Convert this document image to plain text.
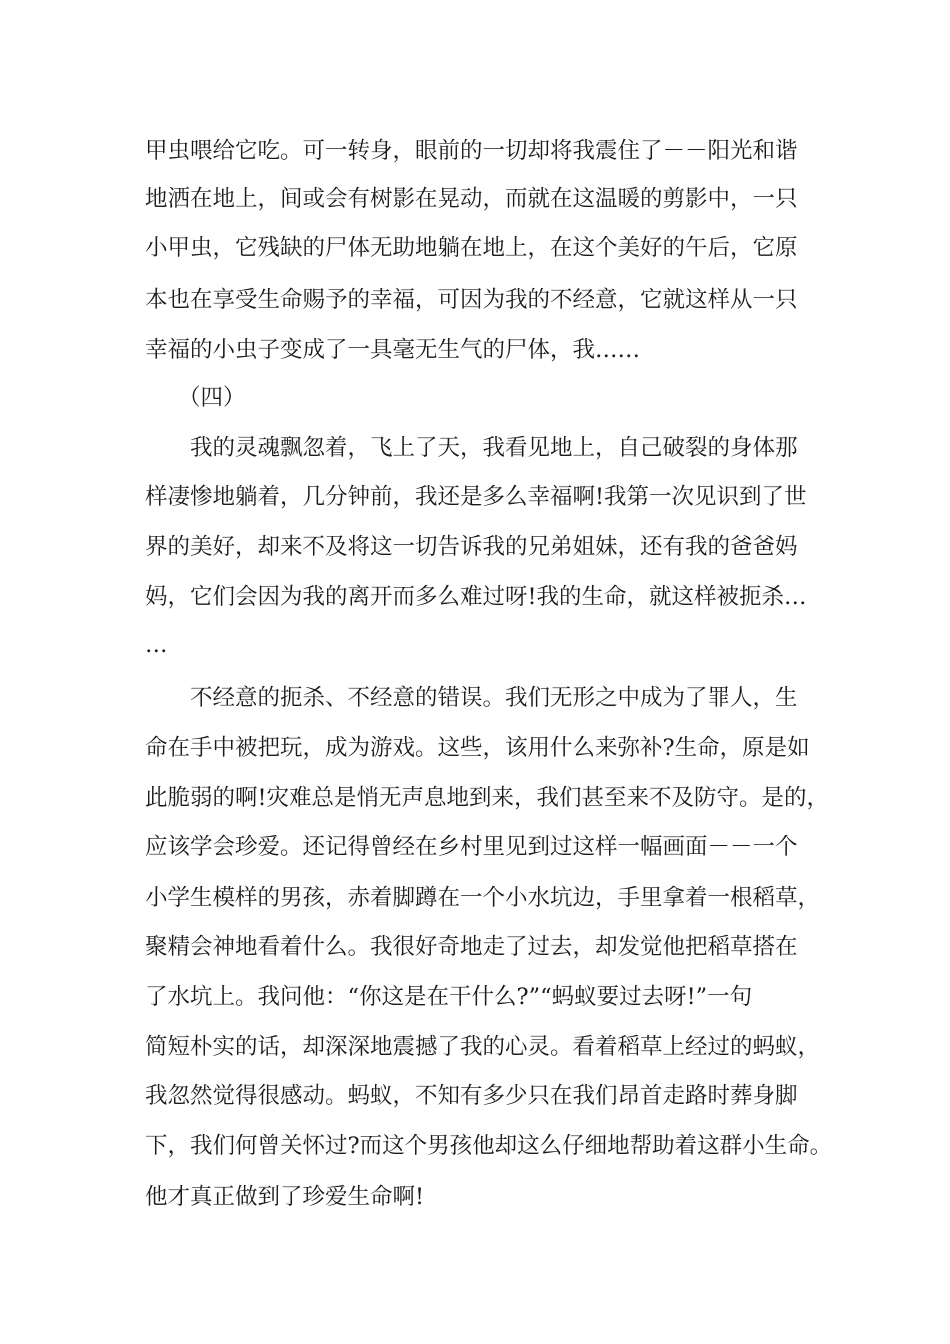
甲虫喂给它吃。可一转身，眼前的一切却将我震住了－－阳光和谐
地洒在地上，间或会有树影在晃动，而就在这温暖的剪影中，一只
小甲虫，它残缺的尸体无助地躺在地上，在这个美好的午后，它原
本也在享受生命赐予的幸福，可因为我的不经意，它就这样从一只
幸福的小虫子变成了一具毫无生气的尸体，我……
（四）
我的灵魂飘忽着，飞上了天，我看见地上，自己破裂的身体那
样凄惨地躺着，几分钟前，我还是多么幸福啊!我第一次见识到了世
界的美好，却来不及将这一切告诉我的兄弟姐妹，还有我的爸爸妈
妈，它们会因为我的离开而多么难过呀!我的生命，就这样被扼杀…
…
不经意的扼杀、不经意的错误。我们无形之中成为了罪人，生
命在手中被把玩，成为游戏。这些，该用什么来弥补?生命，原是如
此脆弱的啊!灾难总是悄无声息地到来，我们甚至来不及防守。是的，
应该学会珍爱。还记得曾经在乡村里见到过这样一幅画面－－一个
小学生模样的男孩，赤着脚蹲在一个小水坑边，手里拿着一根稻草，
聚精会神地看着什么。我很好奇地走了过去，却发觉他把稻草搭在
了水坑上。我问他：“你这是在干什么?”“蚂蚁要过去呀!”一句
简短朴实的话，却深深地震撼了我的心灵。看着稻草上经过的蚂蚁，
我忽然觉得很感动。蚂蚁，不知有多少只在我们昂首走路时葬身脚
下，我们何曾关怀过?而这个男孩他却这么仔细地帮助着这群小生命。
他才真正做到了珍爱生命啊!
